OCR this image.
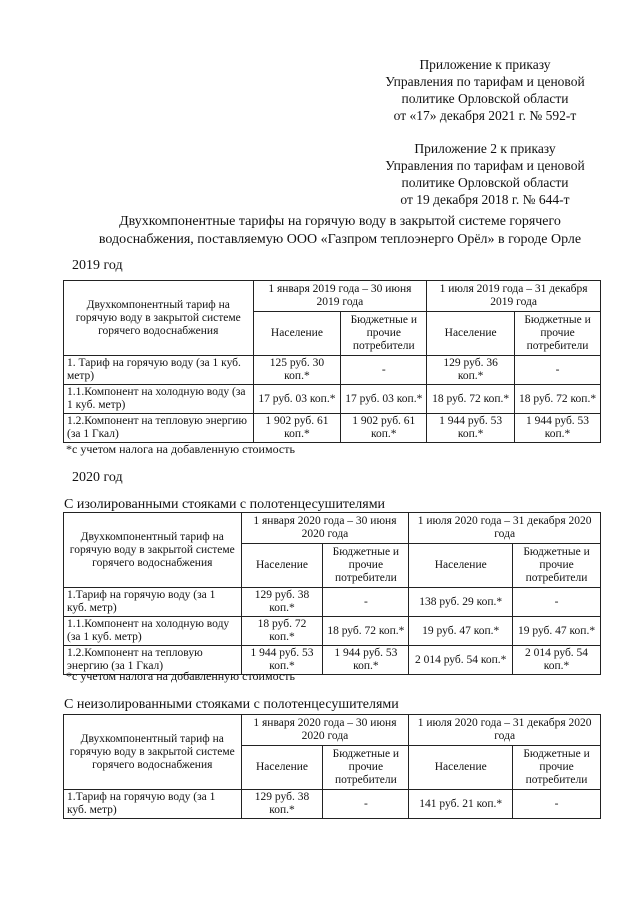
Приложение к приказу
Управления по тарифам и ценовой
политике Орловской области
от «17» декабря 2021 г. № 592-т
Приложение 2 к приказу
Управления по тарифам и ценовой
политике Орловской области
от 19 декабря 2018 г. № 644-т
Двухкомпонентные тарифы на горячую воду в закрытой системе горячего
водоснабжения, поставляемую ООО «Газпром теплоэнерго Орёл» в городе Орле
2019 год
Двухкомпонентный тариф на горячую воду в закрытой системе горячего водоснабжения	1 января 2019 года – 30 июня 2019 года		1 июля 2019 года – 31 декабря 2019 года	
	Население	Бюджетные и прочие потребители	Население	Бюджетные и прочие потребители
1. Тариф на горячую воду (за 1 куб. метр)	125 руб. 30 коп.*	-	129 руб. 36 коп.*	-
1.1.Компонент на холодную воду (за 1 куб. метр)	17 руб. 03 коп.*	17 руб. 03 коп.*	18 руб. 72 коп.*	18 руб. 72 коп.*
1.2.Компонент на тепловую энергию (за 1 Гкал)	1 902 руб. 61 коп.*	1 902 руб. 61 коп.*	1 944 руб. 53 коп.*	1 944 руб. 53 коп.*
*с учетом налога на добавленную стоимость
2020 год
С изолированными стояками с полотенцесушителями
Двухкомпонентный тариф на горячую воду в закрытой системе горячего водоснабжения	1 января 2020 года – 30 июня 2020 года		1 июля 2020 года – 31 декабря 2020 года	
	Население	Бюджетные и прочие потребители	Население	Бюджетные и прочие потребители
1.Тариф на горячую воду (за 1 куб. метр)	129 руб. 38 коп.*	-	138 руб. 29 коп.*	-
1.1.Компонент на холодную воду (за 1 куб. метр)	18 руб. 72 коп.*	18 руб. 72 коп.*	19 руб. 47 коп.*	19 руб. 47 коп.*
1.2.Компонент на тепловую энергию (за 1 Гкал)	1 944 руб. 53 коп.*	1 944 руб. 53 коп.*	2 014 руб. 54 коп.*	2 014 руб. 54 коп.*
*с учетом налога на добавленную стоимость
С неизолированными стояками с полотенцесушителями
Двухкомпонентный тариф на горячую воду в закрытой системе горячего водоснабжения	1 января 2020 года – 30 июня 2020 года		1 июля 2020 года – 31 декабря 2020 года	
	Население	Бюджетные и прочие потребители	Население	Бюджетные и прочие потребители
1.Тариф на горячую воду (за 1 куб. метр)	129 руб. 38 коп.*	-	141 руб. 21 коп.*	-
